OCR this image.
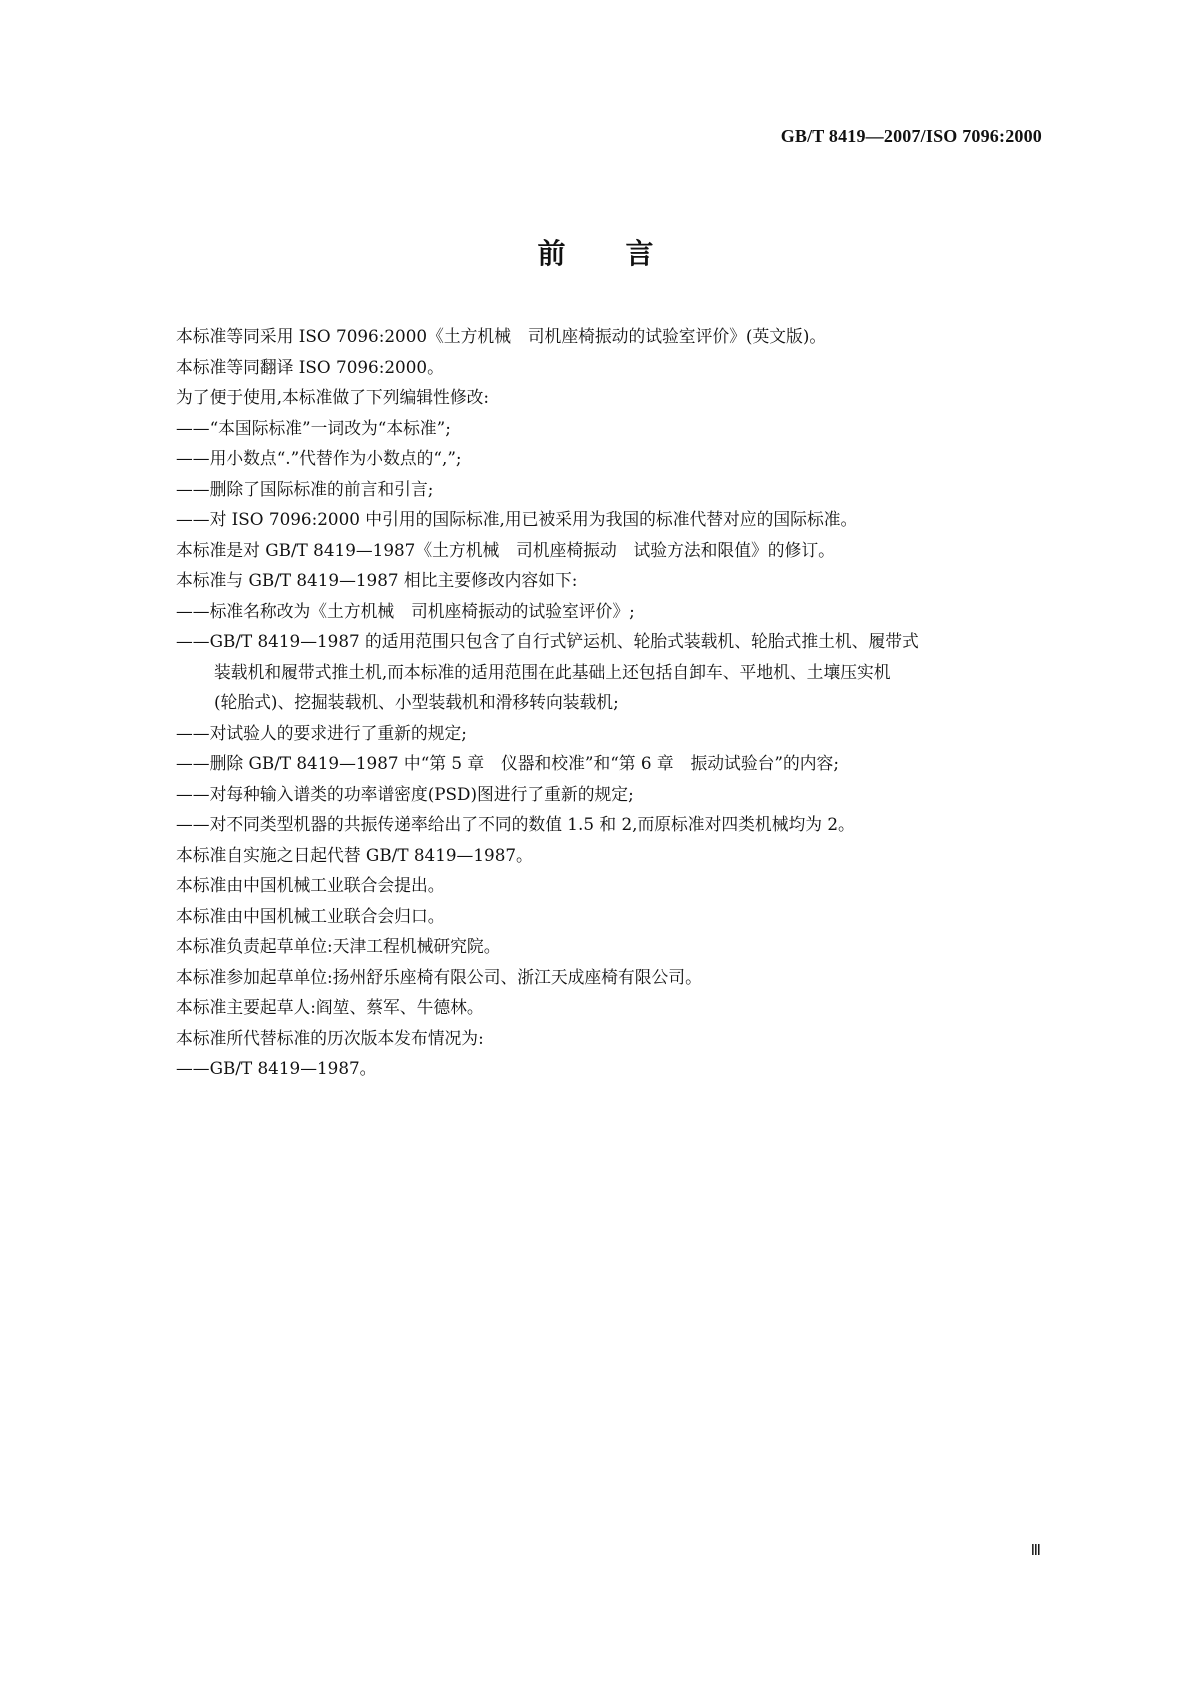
GB/T 8419—2007/ISO 7096:2000
前言

本标准等同采用 ISO 7096:2000《土方机械　司机座椅振动的试验室评价》(英文版)。

本标准等同翻译 ISO 7096:2000。

为了便于使用,本标准做了下列编辑性修改:

——“本国际标准”一词改为“本标准”;

——用小数点“.”代替作为小数点的“,”;

——删除了国际标准的前言和引言;

——对 ISO 7096:2000 中引用的国际标准,用已被采用为我国的标准代替对应的国际标准。

本标准是对 GB/T 8419—1987《土方机械　司机座椅振动　试验方法和限值》的修订。

本标准与 GB/T 8419—1987 相比主要修改内容如下:

——标准名称改为《土方机械　司机座椅振动的试验室评价》;

——GB/T 8419—1987 的适用范围只包含了自行式铲运机、轮胎式装载机、轮胎式推土机、履带式

装载机和履带式推土机,而本标准的适用范围在此基础上还包括自卸车、平地机、土壤压实机

(轮胎式)、挖掘装载机、小型装载机和滑移转向装载机;

——对试验人的要求进行了重新的规定;

——删除 GB/T 8419—1987 中“第 5 章　仪器和校准”和“第 6 章　振动试验台”的内容;

——对每种输入谱类的功率谱密度(PSD)图进行了重新的规定;

——对不同类型机器的共振传递率给出了不同的数值 1.5 和 2,而原标准对四类机械均为 2。

本标准自实施之日起代替 GB/T 8419—1987。

本标准由中国机械工业联合会提出。

本标准由中国机械工业联合会归口。

本标准负责起草单位:天津工程机械研究院。

本标准参加起草单位:扬州舒乐座椅有限公司、浙江天成座椅有限公司。

本标准主要起草人:阎堃、蔡军、牛德林。

本标准所代替标准的历次版本发布情况为:

——GB/T 8419—1987。

Ⅲ
